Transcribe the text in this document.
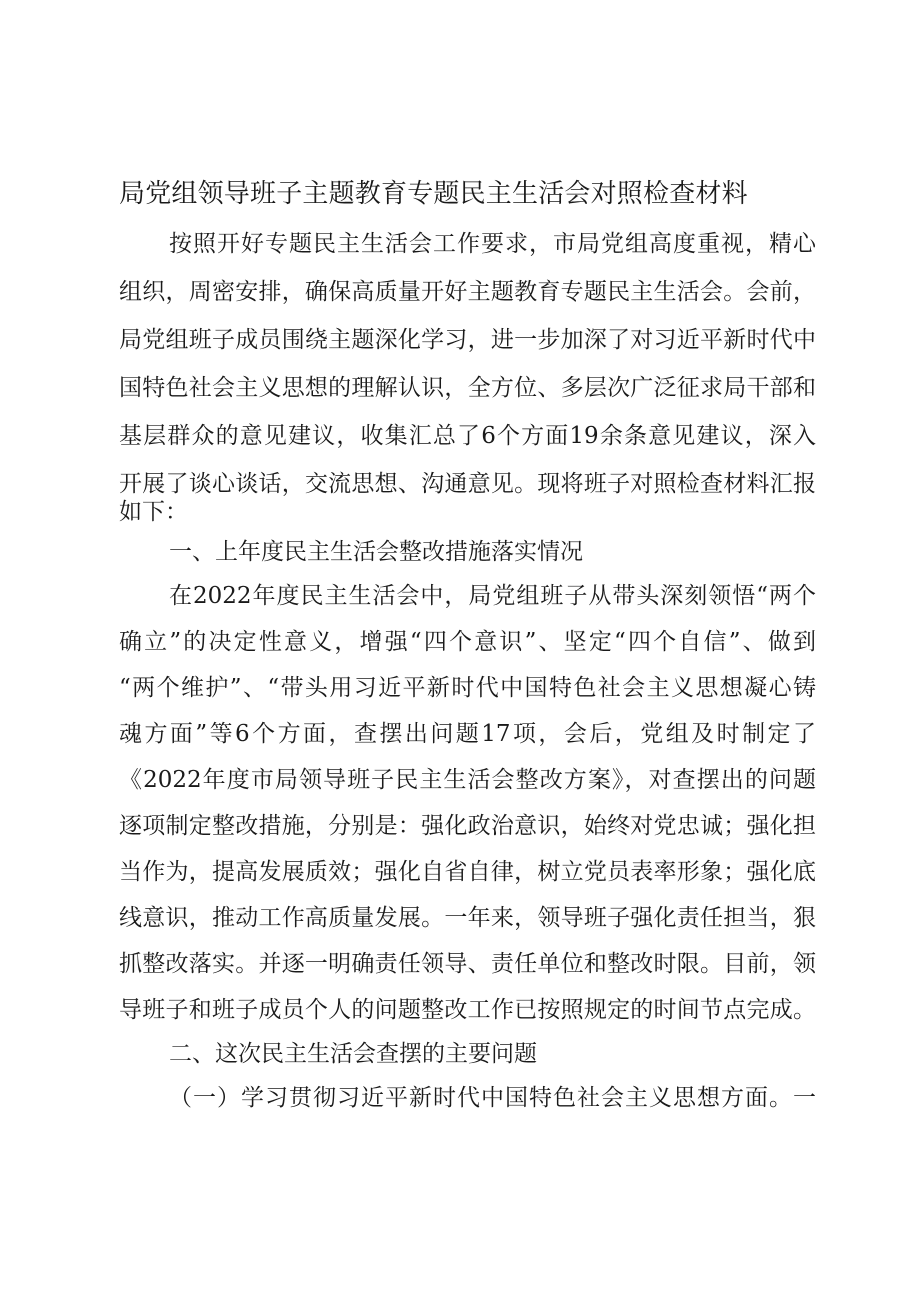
局党组领导班子主题教育专题民主生活会对照检查材料
按照开好专题民主生活会工作要求，市局党组高度重视，精心
组织，周密安排，确保高质量开好主题教育专题民主生活会。会前，
局党组班子成员围绕主题深化学习，进一步加深了对习近平新时代中
国特色社会主义思想的理解认识，全方位、多层次广泛征求局干部和
基层群众的意见建议，收集汇总了6个方面19余条意见建议，深入
开展了谈心谈话，交流思想、沟通意见。现将班子对照检查材料汇报
如下：
一、上年度民主生活会整改措施落实情况
在2022年度民主生活会中，局党组班子从带头深刻领悟“两个
确立”的决定性意义，增强“四个意识”、坚定“四个自信”、做到
“两个维护”、“带头用习近平新时代中国特色社会主义思想凝心铸
魂方面”等6个方面，查摆出问题17项，会后，党组及时制定了
《2022年度市局领导班子民主生活会整改方案》，对查摆出的问题
逐项制定整改措施，分别是：强化政治意识，始终对党忠诚；强化担
当作为，提高发展质效；强化自省自律，树立党员表率形象；强化底
线意识，推动工作高质量发展。一年来，领导班子强化责任担当，狠
抓整改落实。并逐一明确责任领导、责任单位和整改时限。目前，领
导班子和班子成员个人的问题整改工作已按照规定的时间节点完成。
二、这次民主生活会查摆的主要问题
（一）学习贯彻习近平新时代中国特色社会主义思想方面。一
